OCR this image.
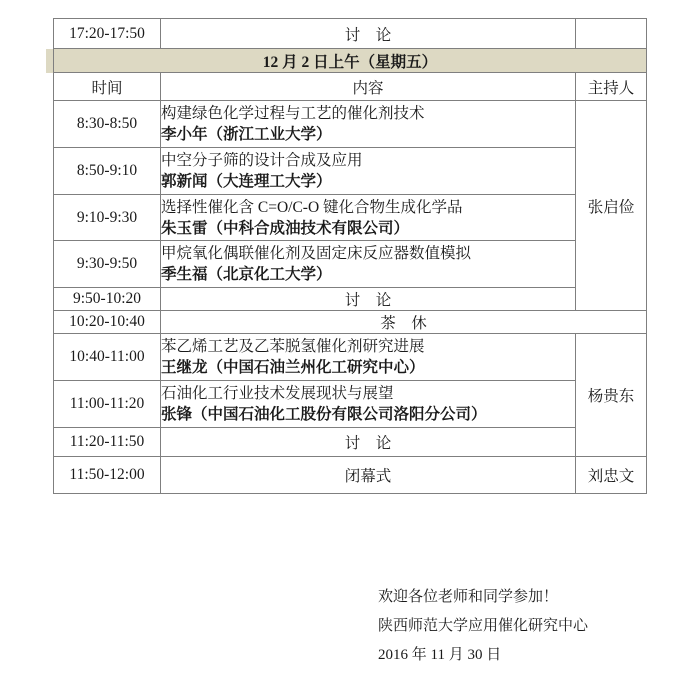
17:20-17:50	讨　论	
12 月 2 日上午（星期五）		
时间	内容	主持人
8:30-8:50	构建绿色化学过程与工艺的催化剂技术
李小年（浙江工业大学）	张启俭
8:50-9:10	中空分子筛的设计合成及应用
郭新闻（大连理工大学）	

9:10-9:30	选择性催化含 C=O/C-O 键化合物生成化学品
朱玉雷（中科合成油技术有限公司）	

9:30-9:50	甲烷氧化偶联催化剂及固定床反应器数值模拟
季生福（北京化工大学）	

9:50-10:20	讨　论	
10:20-10:40	茶　休	
10:40-11:00	苯乙烯工艺及乙苯脱氢催化剂研究进展
王继龙（中国石油兰州化工研究中心）	杨贵东
11:00-11:20	石油化工行业技术发展现状与展望
张锋（中国石油化工股份有限公司洛阳分公司）	

11:20-11:50	讨　论	
11:50-12:00	闭幕式	刘忠文
欢迎各位老师和同学参加！
陕西师范大学应用催化研究中心
2016 年 11 月 30 日
